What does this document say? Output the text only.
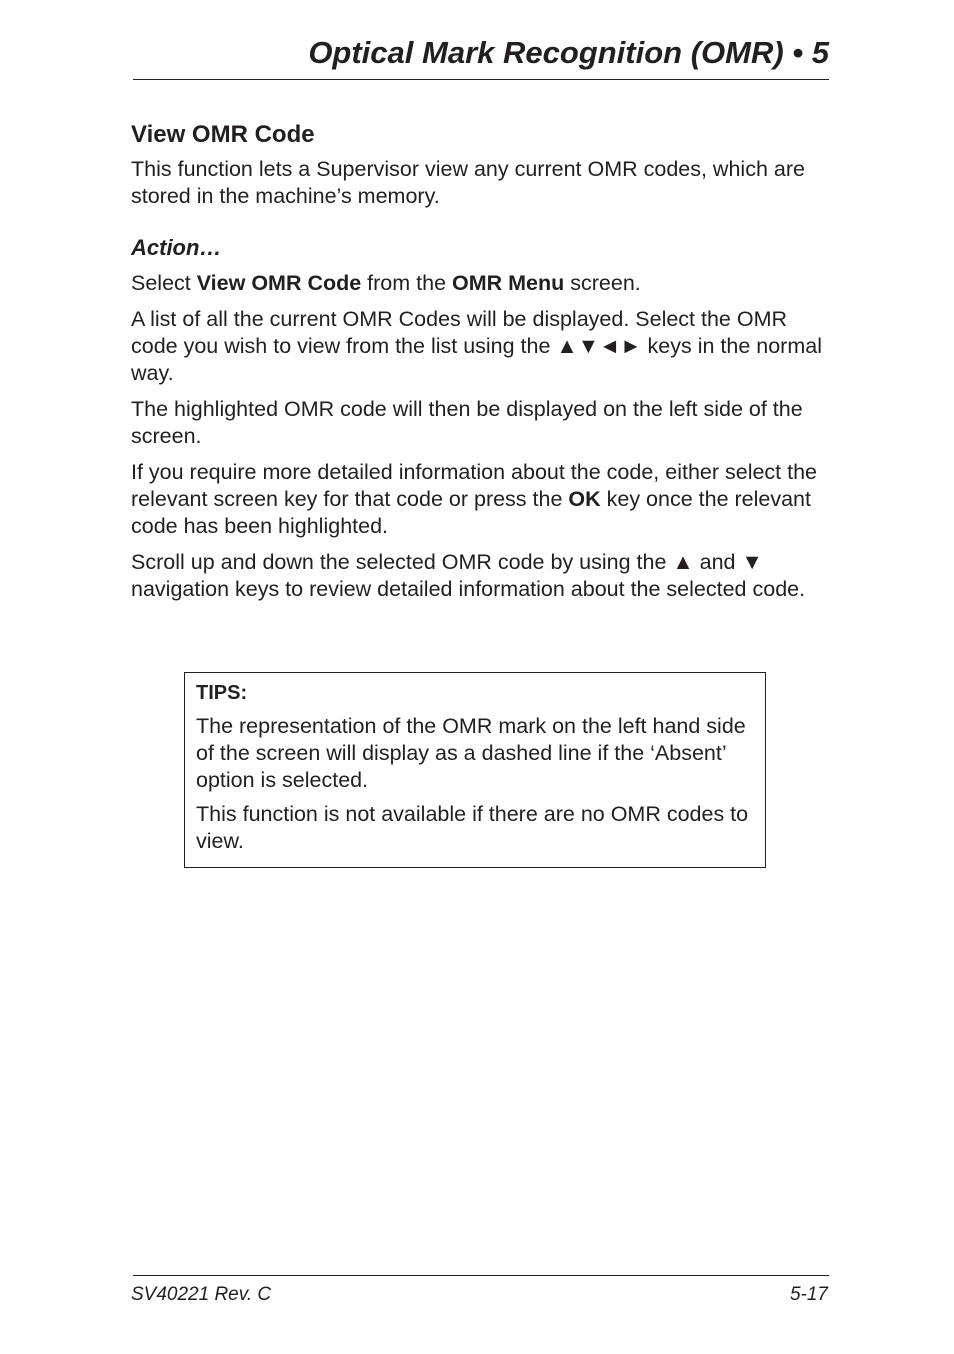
Optical Mark Recognition (OMR) • 5
View OMR Code

This function lets a Supervisor view any current OMR codes, which are stored in the machine’s memory.

Action…

Select View OMR Code from the OMR Menu screen.

A list of all the current OMR Codes will be displayed. Select the OMR code you wish to view from the list using the ▲▼◄► keys in the normal way.

The highlighted OMR code will then be displayed on the left side of the screen.

If you require more detailed information about the code, either select the relevant screen key for that code or press the OK key once the relevant code has been highlighted.

Scroll up and down the selected OMR code by using the ▲ and ▼ navigation keys to review detailed information about the selected code.

TIPS:

The representation of the OMR mark on the left hand side of the screen will display as a dashed line if the ‘Absent’ option is selected.

This function is not available if there are no OMR codes to view.

SV40221 Rev. C	5-17
